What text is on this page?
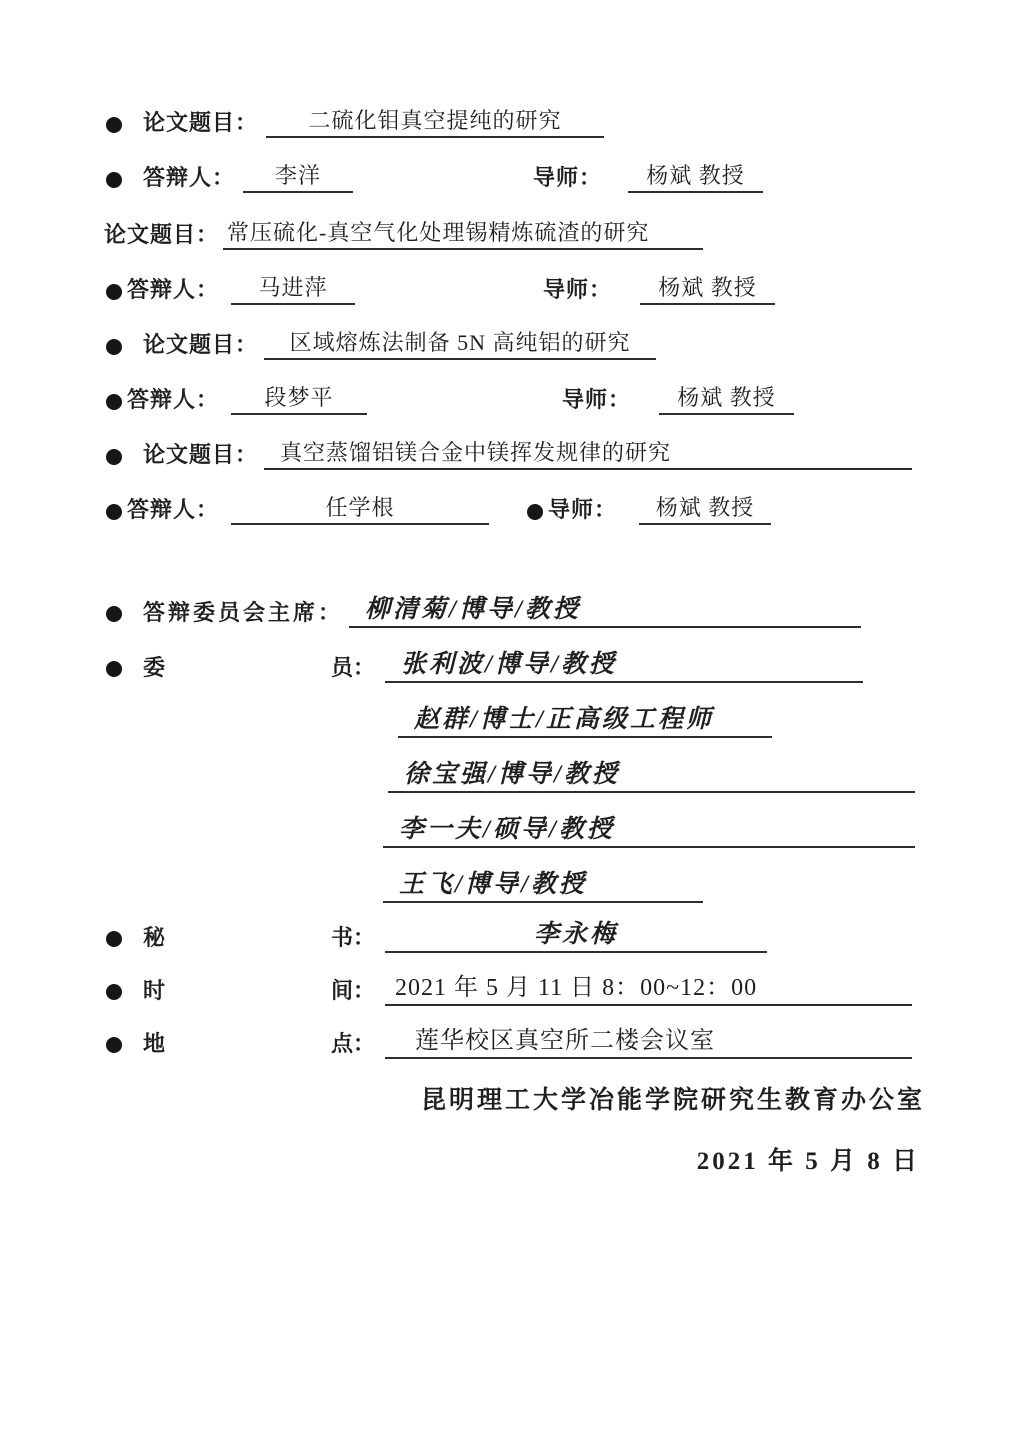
论文题目：	二硫化钼真空提纯的研究
答辩人：	李洋	导师：	杨斌 教授
论文题目： 常压硫化-真空气化处理锡精炼硫渣的研究
答辩人：	马进萍	导师：	杨斌 教授
论文题目：	区域熔炼法制备 5N 高纯铝的研究
答辩人：	段梦平	导师：	杨斌 教授
论文题目：	真空蒸馏铝镁合金中镁挥发规律的研究
答辩人：	任学根	导师：	杨斌 教授
答辩委员会主席： 柳清菊/博导/教授
委	员：	张利波/博导/教授
赵群/博士/正高级工程师
徐宝强/博导/教授
李一夫/硕导/教授
王飞/博导/教授
秘	书：	李永梅
时	间： 2021 年 5 月 11 日 8：00~12：00
地	点：	莲华校区真空所二楼会议室
昆明理工大学冶能学院研究生教育办公室
2021 年 5 月 8 日
